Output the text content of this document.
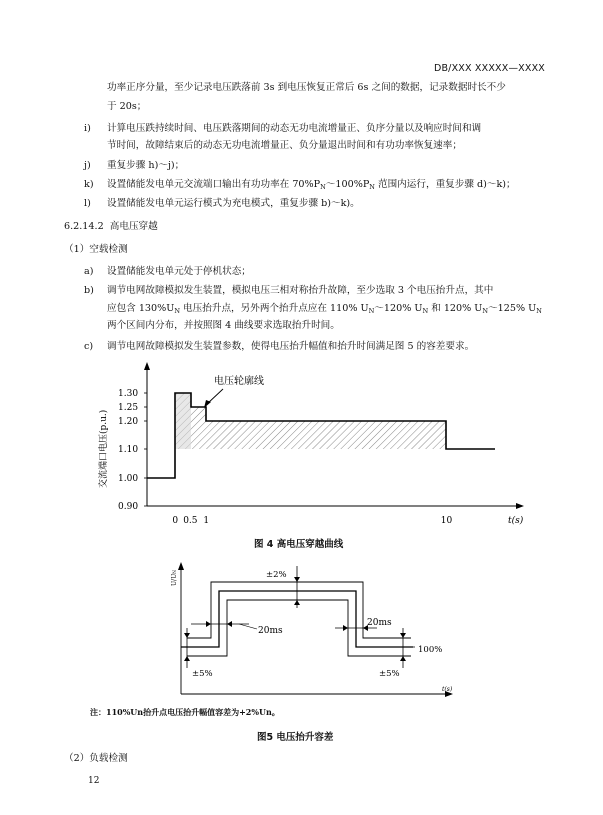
DB/XXX XXXXX—XXXX
功率正序分量，至少记录电压跌落前 3s 到电压恢复正常后 6s 之间的数据，记录数据时长不少
于 20s；
i) 计算电压跌持续时间、电压跌落期间的动态无功电流增量正、负序分量以及响应时间和调
节时间，故障结束后的动态无功电流增量正、负分量退出时间和有功功率恢复速率；
j) 重复步骤 h)～j)；
k) 设置储能发电单元交流端口输出有功功率在 $70\%P_N\sim 100\%P_N$ 范围内运行，重复步骤 d)～k)；
l) 设置储能发电单元运行模式为充电模式，重复步骤 b)～k)。
6.2.14.2 高电压穿越
（1）空载检测
a) 设置储能发电单元处于停机状态；
b) 调节电网故障模拟发生装置，模拟电压三相对称抬升故障，至少选取 3 个电压抬升点，其中
应包含 $130\%U_N$ 电压抬升点，另外两个抬升点应在 110% $U_N\sim 120\%$ $U_N$ 和 120% $U_N\sim 125\%$ $U_N$
两个区间内分布，并按照图 4 曲线要求选取抬升时间。
c) 调节电网故障模拟发生装置参数，使得电压抬升幅值和抬升时间满足图 5 的容差要求。
1.30
1.25
1.20
1.10
1.00
0.90
0 0.5 1	10
交流端口电压(p.u.)
t(s)
电压轮廓线
图 4 高电压穿越曲线
U/UN
t(s)
100%
±2%
20ms
20ms
±5%	±5%
注：110%Un抬升点电压抬升幅值容差为+2%Un。
图5 电压抬升容差
（2）负载检测
12
